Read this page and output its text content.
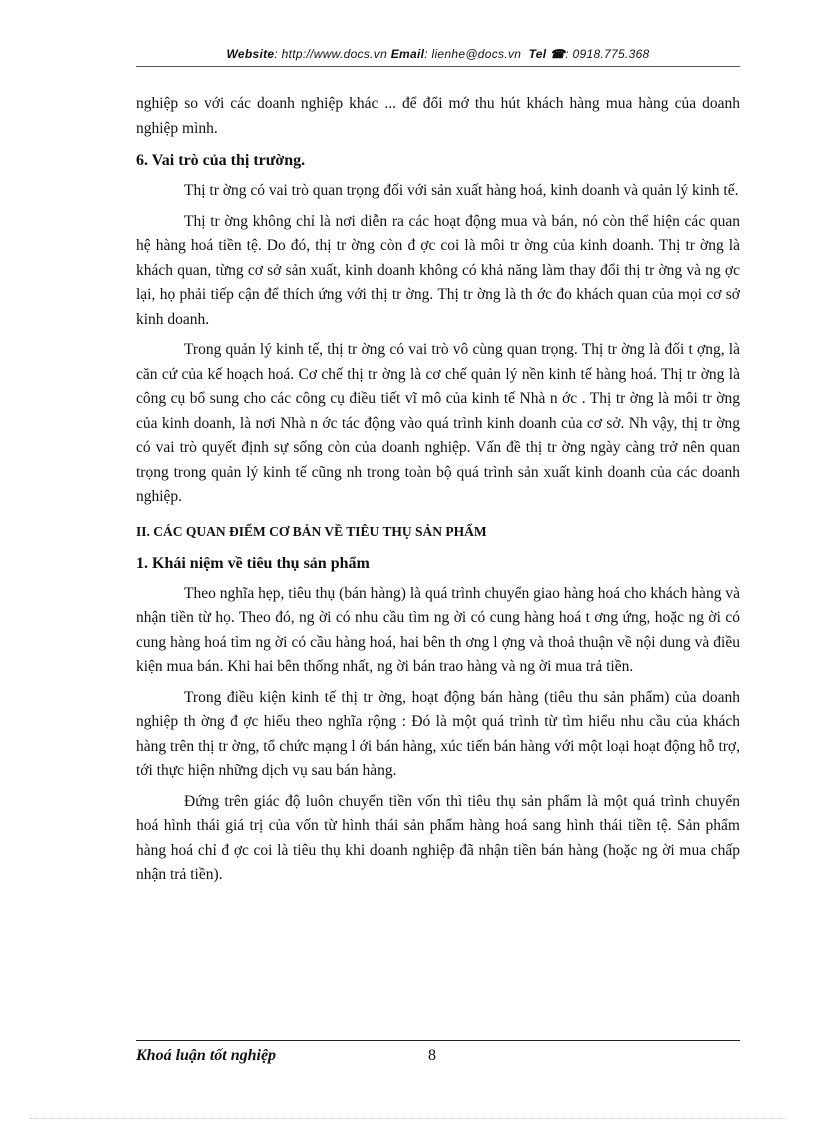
Website: http://www.docs.vn Email: lienhe@docs.vn Tel ☎: 0918.775.368

nghiệp so với các doanh nghiệp khác ... để đổi mớ thu hút khách hàng mua hàng của doanh nghiệp mình.

6. Vai trò của thị trường.

Thị tr ờng có vai trò quan trọng đối với sản xuất hàng hoá, kinh doanh và quản lý kinh tế.

Thị tr ờng không chỉ là nơi diễn ra các hoạt động mua và bán, nó còn thể hiện các quan hệ hàng hoá tiền tệ. Do đó, thị tr ờng còn đ ợc coi là môi tr ờng của kinh doanh. Thị tr ờng là khách quan, từng cơ sở sản xuất, kinh doanh không có khả năng làm thay đổi thị tr ờng và ng ợc lại, họ phải tiếp cận để thích ứng với thị tr ờng. Thị tr ờng là th ớc đo khách quan của mọi cơ sở kinh doanh.

Trong quản lý kinh tế, thị tr ờng có vai trò vô cùng quan trọng. Thị tr ờng là đối t ợng, là căn cứ của kế hoạch hoá. Cơ chế thị tr ờng là cơ chế quản lý nền kinh tế hàng hoá. Thị tr ờng là công cụ bổ sung cho các công cụ điều tiết vĩ mô của kinh tế Nhà n ớc . Thị tr ờng là môi tr ờng của kinh doanh, là nơi Nhà n ớc tác động vào quá trình kinh doanh của cơ sở. Nh vậy, thị tr ờng có vai trò quyết định sự sống còn của doanh nghiệp. Vấn đề thị tr ờng ngày càng trở nên quan trọng trong quản lý kinh tế cũng nh trong toàn bộ quá trình sản xuất kinh doanh của các doanh nghiệp.

II. CÁC QUAN ĐIỂM CƠ BẢN VỀ TIÊU THỤ SẢN PHẨM
1. Khái niệm về tiêu thụ sản phẩm

Theo nghĩa hẹp, tiêu thụ (bán hàng) là quá trình chuyển giao hàng hoá cho khách hàng và nhận tiền từ họ. Theo đó, ng ời có nhu cầu tìm ng ời có cung hàng hoá t ơng ứng, hoặc ng ời có cung hàng hoá tìm ng ời có cầu hàng hoá, hai bên th ơng l ợng và thoả thuận về nội dung và điều kiện mua bán. Khi hai bên thống nhất, ng ời bán trao hàng và ng ời mua trả tiền.

Trong điều kiện kinh tế thị tr ờng, hoạt động bán hàng (tiêu thu sản phẩm) của doanh nghiệp th ờng đ ợc hiểu theo nghĩa rộng : Đó là một quá trình từ tìm hiểu nhu cầu của khách hàng trên thị tr ờng, tổ chức mạng l ới bán hàng, xúc tiến bán hàng với một loại hoạt động hỗ trợ, tới thực hiện những dịch vụ sau bán hàng.

Đứng trên giác độ luôn chuyển tiền vốn thì tiêu thụ sản phẩm là một quá trình chuyển hoá hình thái giá trị của vốn từ hình thái sản phẩm hàng hoá sang hình thái tiền tệ. Sản phẩm hàng hoá chỉ đ ợc coi là tiêu thụ khi doanh nghiệp đã nhận tiền bán hàng (hoặc ng ời mua chấp nhận trả tiền).

Khoá luận tốt nghiệp	8
